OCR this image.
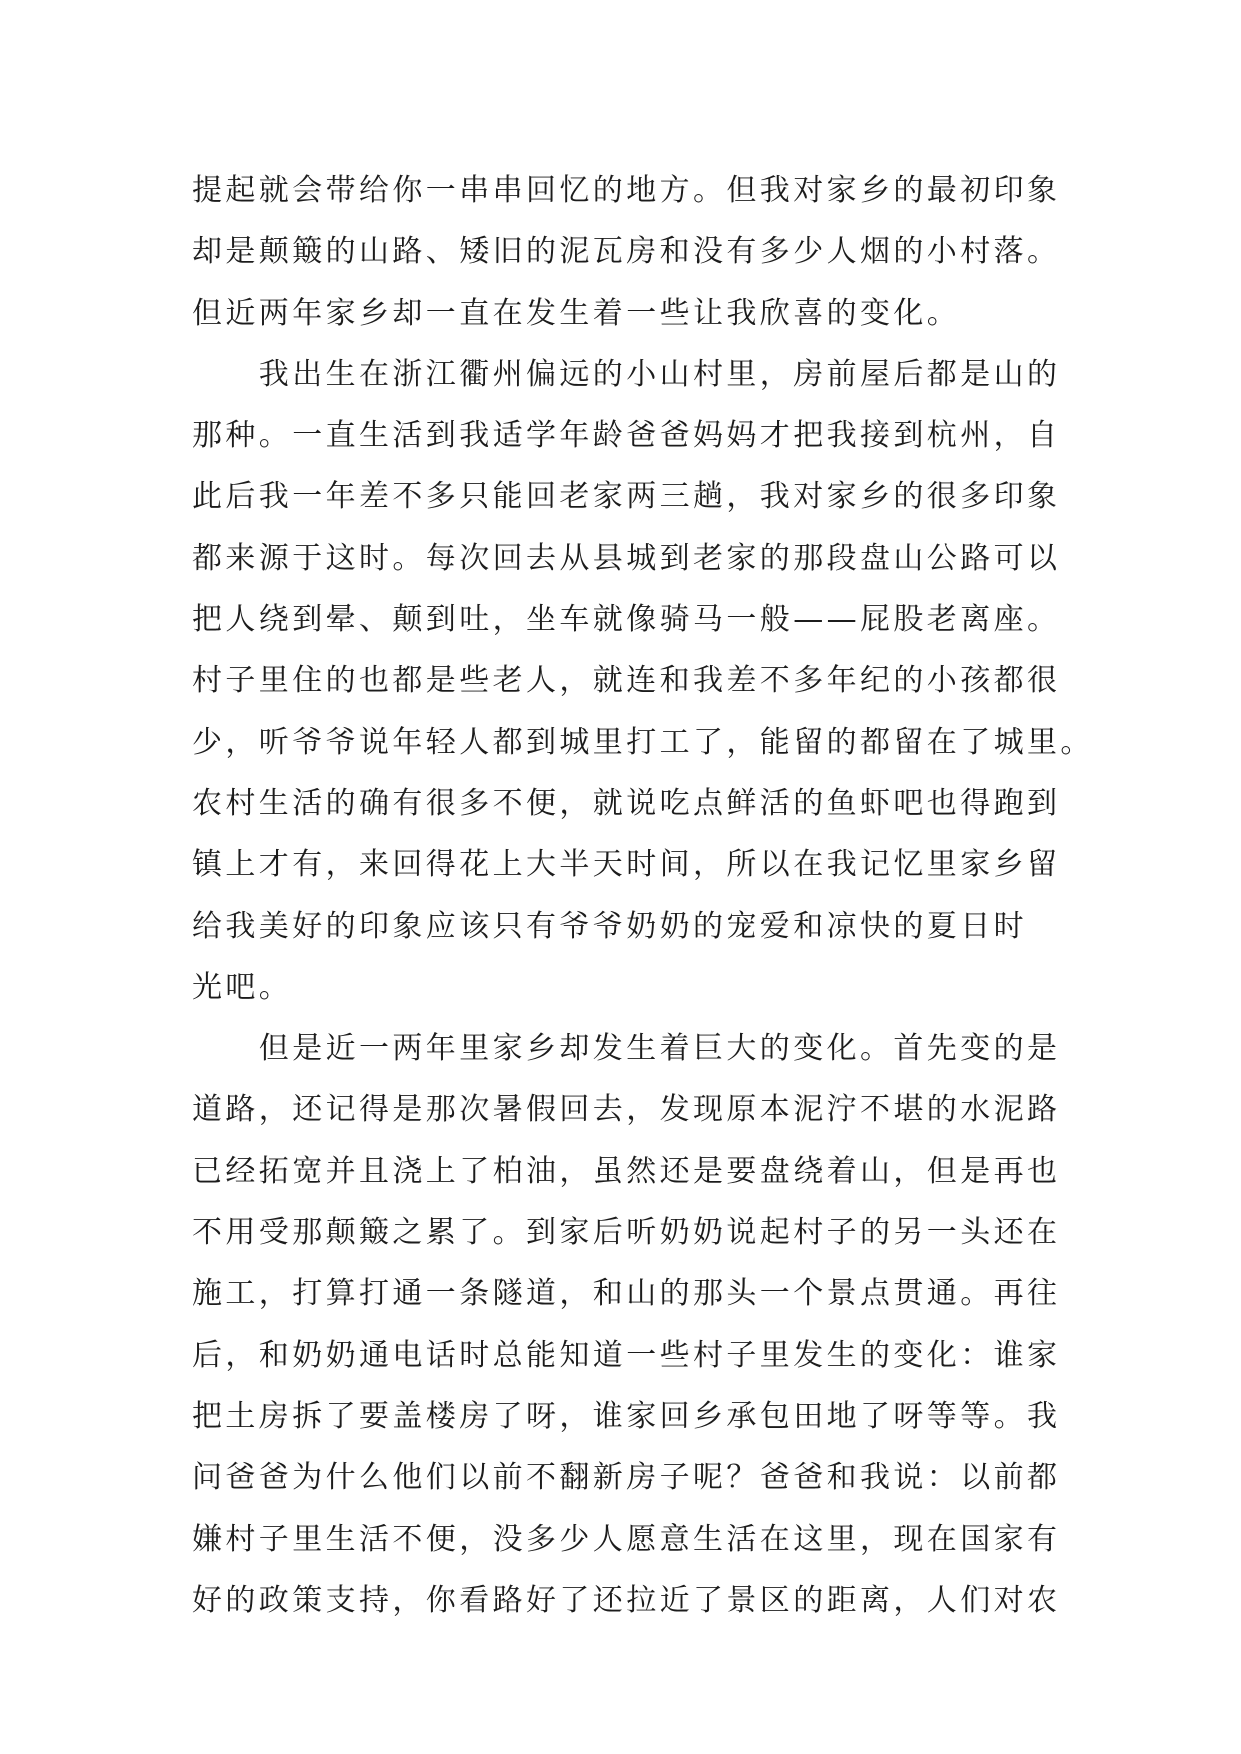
提起就会带给你一串串回忆的地方。但我对家乡的最初印象
却是颠簸的山路、矮旧的泥瓦房和没有多少人烟的小村落。
但近两年家乡却一直在发生着一些让我欣喜的变化。
　　我出生在浙江衢州偏远的小山村里，房前屋后都是山的
那种。一直生活到我适学年龄爸爸妈妈才把我接到杭州，自
此后我一年差不多只能回老家两三趟，我对家乡的很多印象
都来源于这时。每次回去从县城到老家的那段盘山公路可以
把人绕到晕、颠到吐，坐车就像骑马一般——屁股老离座。
村子里住的也都是些老人，就连和我差不多年纪的小孩都很
少，听爷爷说年轻人都到城里打工了，能留的都留在了城里。
农村生活的确有很多不便，就说吃点鲜活的鱼虾吧也得跑到
镇上才有，来回得花上大半天时间，所以在我记忆里家乡留
给我美好的印象应该只有爷爷奶奶的宠爱和凉快的夏日时
光吧。
　　但是近一两年里家乡却发生着巨大的变化。首先变的是
道路，还记得是那次暑假回去，发现原本泥泞不堪的水泥路
已经拓宽并且浇上了柏油，虽然还是要盘绕着山，但是再也
不用受那颠簸之累了。到家后听奶奶说起村子的另一头还在
施工，打算打通一条隧道，和山的那头一个景点贯通。再往
后，和奶奶通电话时总能知道一些村子里发生的变化：谁家
把土房拆了要盖楼房了呀，谁家回乡承包田地了呀等等。我
问爸爸为什么他们以前不翻新房子呢？爸爸和我说：以前都
嫌村子里生活不便，没多少人愿意生活在这里，现在国家有
好的政策支持，你看路好了还拉近了景区的距离，人们对农
